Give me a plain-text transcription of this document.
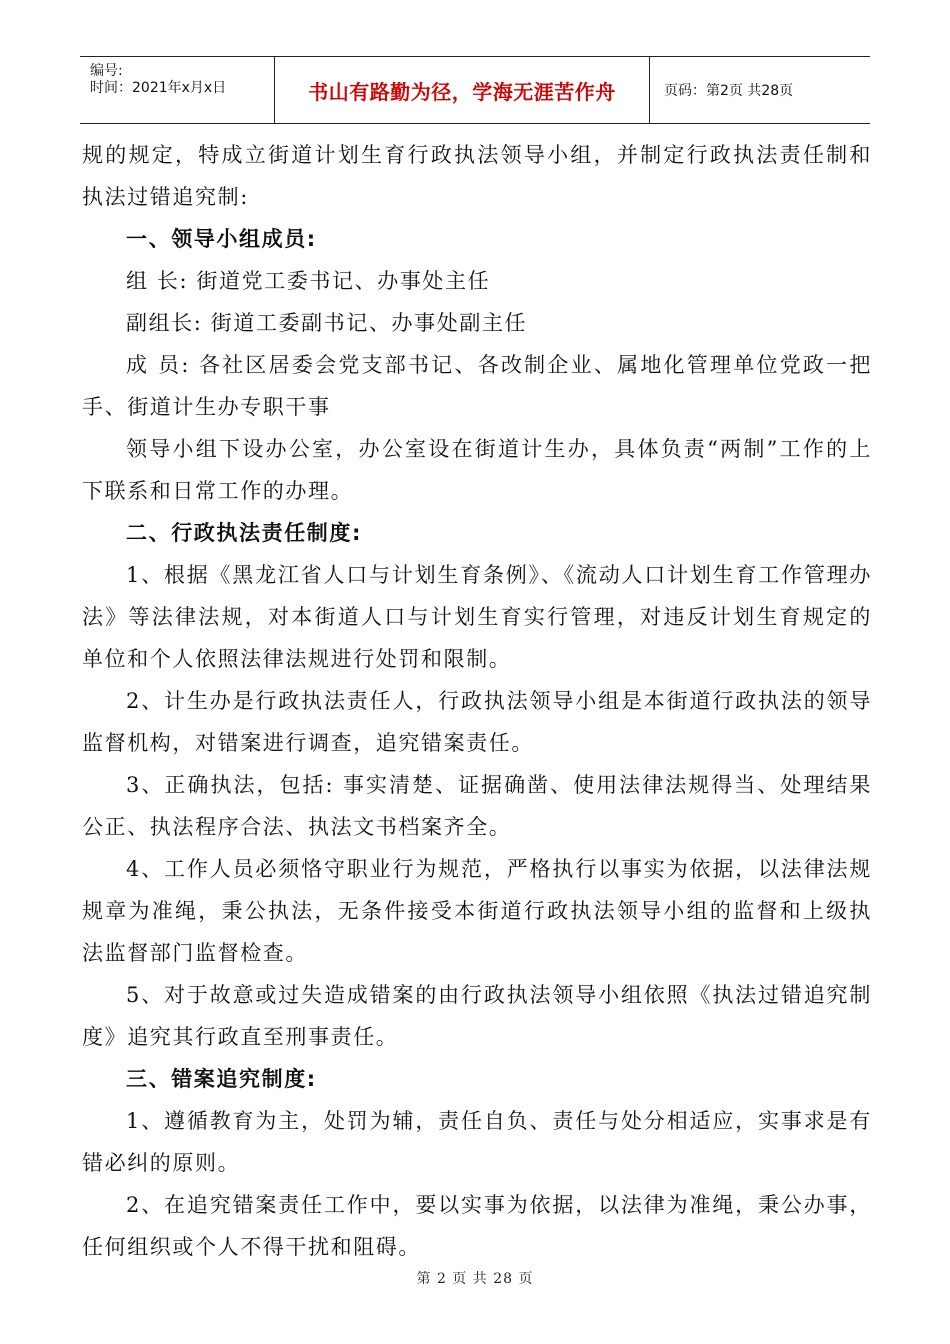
编号:
时间：2021年x月x日	书山有路勤为径，学海无涯苦作舟	页码：第2页 共28页

规的规定，特成立街道计划生育行政执法领导小组，并制定行政执法责任制和执法过错追究制:

一、领导小组成员:

组 长: 街道党工委书记、办事处主任

副组长: 街道工委副书记、办事处副主任

成 员: 各社区居委会党支部书记、各改制企业、属地化管理单位党政一把手、街道计生办专职干事

领导小组下设办公室，办公室设在街道计生办，具体负责“两制”工作的上下联系和日常工作的办理。

二、行政执法责任制度:

1、根据《黑龙江省人口与计划生育条例》、《流动人口计划生育工作管理办法》等法律法规，对本街道人口与计划生育实行管理，对违反计划生育规定的单位和个人依照法律法规进行处罚和限制。

2、计生办是行政执法责任人，行政执法领导小组是本街道行政执法的领导监督机构，对错案进行调查，追究错案责任。

3、正确执法，包括: 事实清楚、证据确凿、使用法律法规得当、处理结果公正、执法程序合法、执法文书档案齐全。

4、工作人员必须恪守职业行为规范，严格执行以事实为依据，以法律法规规章为准绳，秉公执法，无条件接受本街道行政执法领导小组的监督和上级执法监督部门监督检查。

5、对于故意或过失造成错案的由行政执法领导小组依照《执法过错追究制度》追究其行政直至刑事责任。

三、错案追究制度:

1、遵循教育为主，处罚为辅，责任自负、责任与处分相适应，实事求是有错必纠的原则。

2、在追究错案责任工作中，要以实事为依据，以法律为准绳，秉公办事，任何组织或个人不得干扰和阻碍。

第 2 页 共 28 页
